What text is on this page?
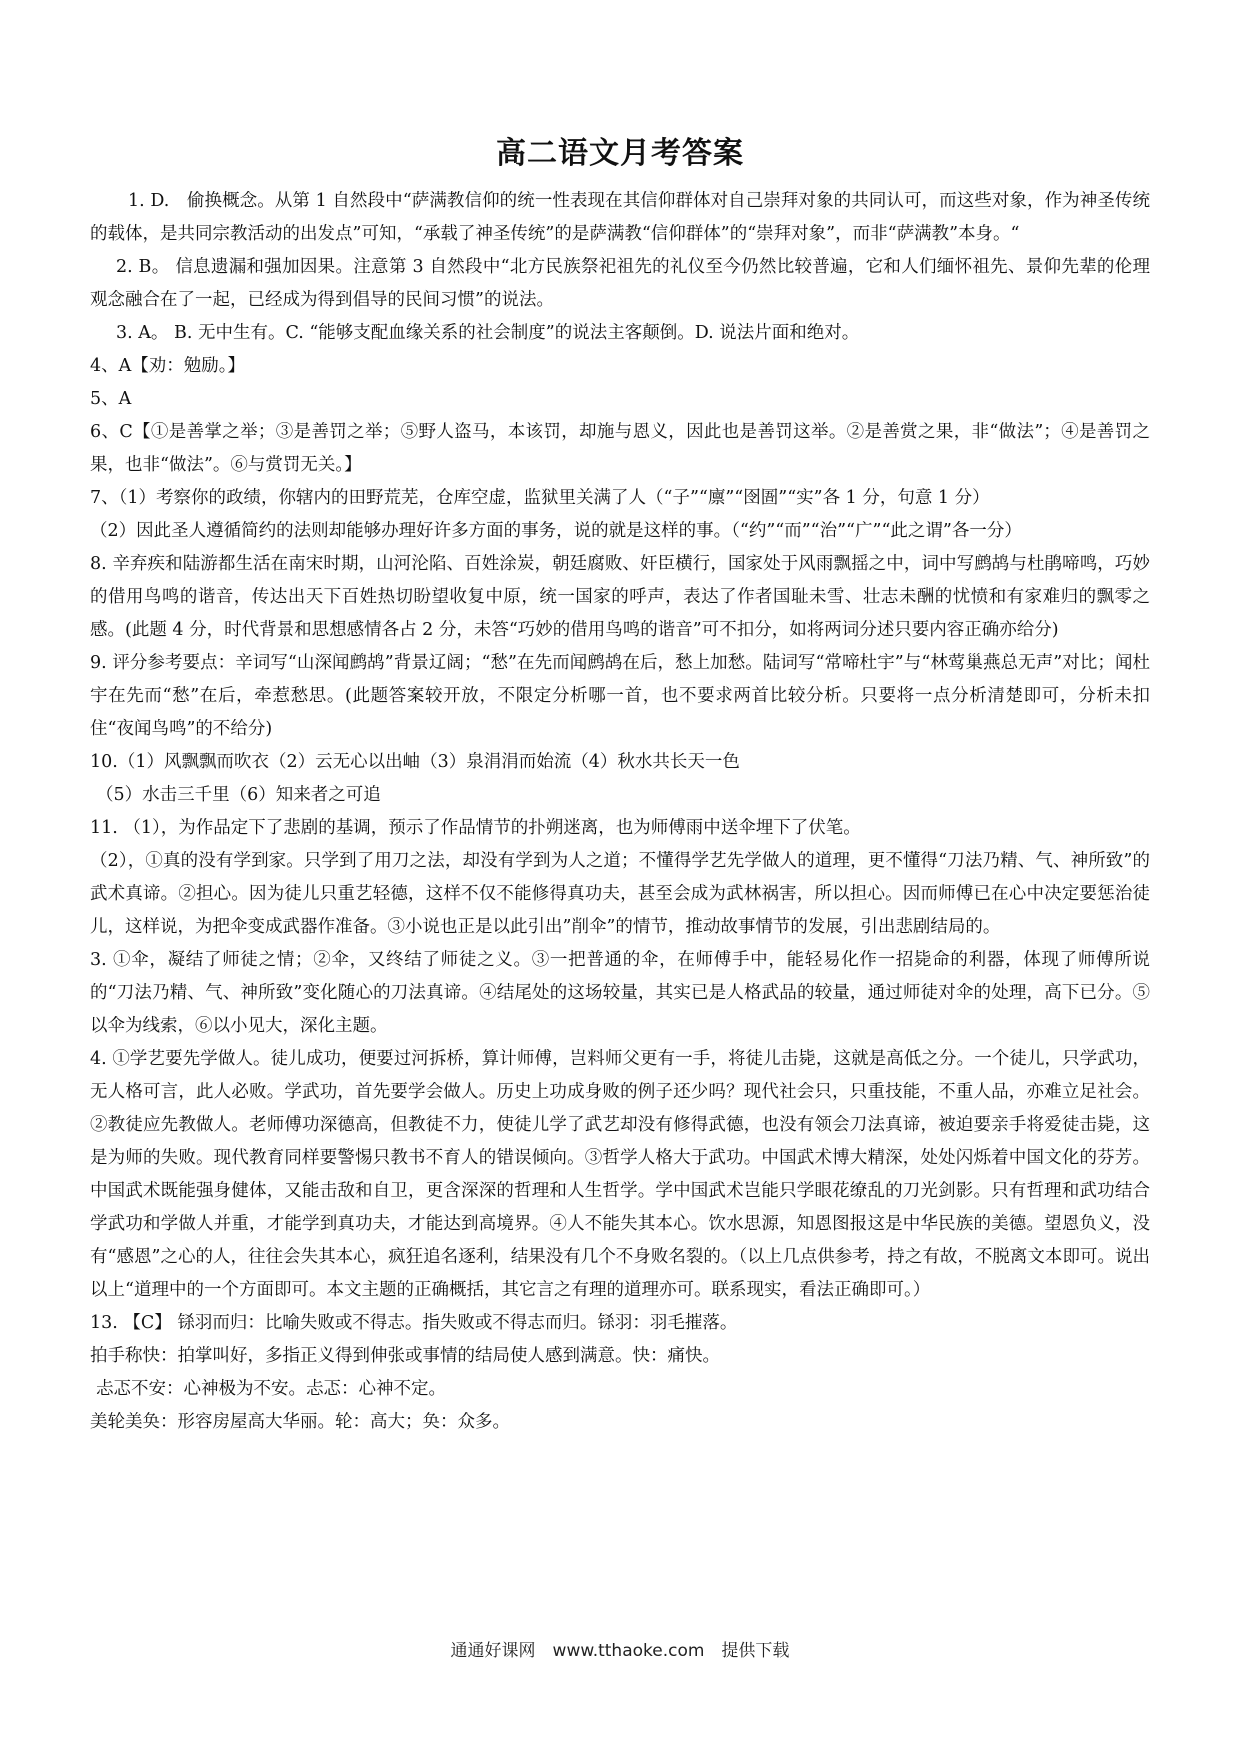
高二语文月考答案

1. D.　偷换概念。从第 1 自然段中“萨满教信仰的统一性表现在其信仰群体对自己崇拜对象的共同认可，而这些对象，作为神圣传统的载体，是共同宗教活动的出发点”可知，“承载了神圣传统”的是萨满教“信仰群体”的“崇拜对象”，而非“萨满教”本身。“

2. B。 信息遗漏和强加因果。注意第 3 自然段中“北方民族祭祀祖先的礼仪至今仍然比较普遍，它和人们缅怀祖先、景仰先辈的伦理观念融合在了一起，已经成为得到倡导的民间习惯”的说法。

3. A。 B. 无中生有。C. “能够支配血缘关系的社会制度”的说法主客颠倒。D. 说法片面和绝对。

4、A【劝：勉励。】

5、A

6、C【①是善掌之举；③是善罚之举；⑤野人盗马，本该罚，却施与恩义，因此也是善罚这举。②是善赏之果，非“做法”；④是善罚之果，也非“做法”。⑥与赏罚无关。】

7、（1）考察你的政绩，你辖内的田野荒芜，仓库空虚，监狱里关满了人（“子”“廪”“囹圄”“实”各 1 分，句意 1 分）

（2）因此圣人遵循简约的法则却能够办理好许多方面的事务，说的就是这样的事。（“约”“而”“治”“广”“此之谓”各一分）

8. 辛弃疾和陆游都生活在南宋时期，山河沦陷、百姓涂炭，朝廷腐败、奸臣横行，国家处于风雨飘摇之中，词中写鹧鸪与杜鹃啼鸣，巧妙的借用鸟鸣的谐音，传达出天下百姓热切盼望收复中原，统一国家的呼声，表达了作者国耻未雪、壮志未酬的忧愤和有家难归的飘零之感。(此题 4 分，时代背景和思想感情各占 2 分，未答“巧妙的借用鸟鸣的谐音”可不扣分，如将两词分述只要内容正确亦给分)

9. 评分参考要点：辛词写“山深闻鹧鸪”背景辽阔；“愁”在先而闻鹧鸪在后，愁上加愁。陆词写“常啼杜宇”与“林莺巢燕总无声”对比；闻杜宇在先而“愁”在后，牵惹愁思。(此题答案较开放，不限定分析哪一首，也不要求两首比较分析。只要将一点分析清楚即可，分析未扣住“夜闻鸟鸣”的不给分)

10.（1）风飘飘而吹衣（2）云无心以出岫（3）泉涓涓而始流（4）秋水共长天一色

（5）水击三千里（6）知来者之可追

11. （1），为作品定下了悲剧的基调，预示了作品情节的扑朔迷离，也为师傅雨中送伞埋下了伏笔。

（2），①真的没有学到家。只学到了用刀之法，却没有学到为人之道；不懂得学艺先学做人的道理，更不懂得“刀法乃精、气、神所致”的武术真谛。②担心。因为徒儿只重艺轻德，这样不仅不能修得真功夫，甚至会成为武林祸害，所以担心。因而师傅已在心中决定要惩治徒儿，这样说，为把伞变成武器作准备。③小说也正是以此引出”削伞”的情节，推动故事情节的发展，引出悲剧结局的。

3. ①伞，凝结了师徒之情；②伞，又终结了师徒之义。③一把普通的伞，在师傅手中，能轻易化作一招毙命的利器，体现了师傅所说的“刀法乃精、气、神所致”变化随心的刀法真谛。④结尾处的这场较量，其实已是人格武品的较量，通过师徒对伞的处理，高下已分。⑤以伞为线索，⑥以小见大，深化主题。

4. ①学艺要先学做人。徒儿成功，便要过河拆桥，算计师傅，岂料师父更有一手，将徒儿击毙，这就是高低之分。一个徒儿，只学武功，无人格可言，此人必败。学武功，首先要学会做人。历史上功成身败的例子还少吗？现代社会只，只重技能，不重人品，亦难立足社会。②教徒应先教做人。老师傅功深德高，但教徒不力，使徒儿学了武艺却没有修得武德，也没有领会刀法真谛，被迫要亲手将爱徒击毙，这是为师的失败。现代教育同样要警惕只教书不育人的错误倾向。③哲学人格大于武功。中国武术博大精深，处处闪烁着中国文化的芬芳。中国武术既能强身健体，又能击敌和自卫，更含深深的哲理和人生哲学。学中国武术岂能只学眼花缭乱的刀光剑影。只有哲理和武功结合学武功和学做人并重，才能学到真功夫，才能达到高境界。④人不能失其本心。饮水思源，知恩图报这是中华民族的美德。望恩负义，没有“感恩”之心的人，往往会失其本心，疯狂追名逐利，结果没有几个不身败名裂的。（以上几点供参考，持之有故，不脱离文本即可。说出以上“道理中的一个方面即可。本文主题的正确概括，其它言之有理的道理亦可。联系现实，看法正确即可。）

13. 【C】 铩羽而归：比喻失败或不得志。指失败或不得志而归。铩羽：羽毛摧落。

拍手称快：拍掌叫好，多指正义得到伸张或事情的结局使人感到满意。快：痛快。

忐忑不安：心神极为不安。忐忑：心神不定。

美轮美奂：形容房屋高大华丽。轮：高大；奂：众多。

通通好课网　www.tthaoke.com　提供下载
